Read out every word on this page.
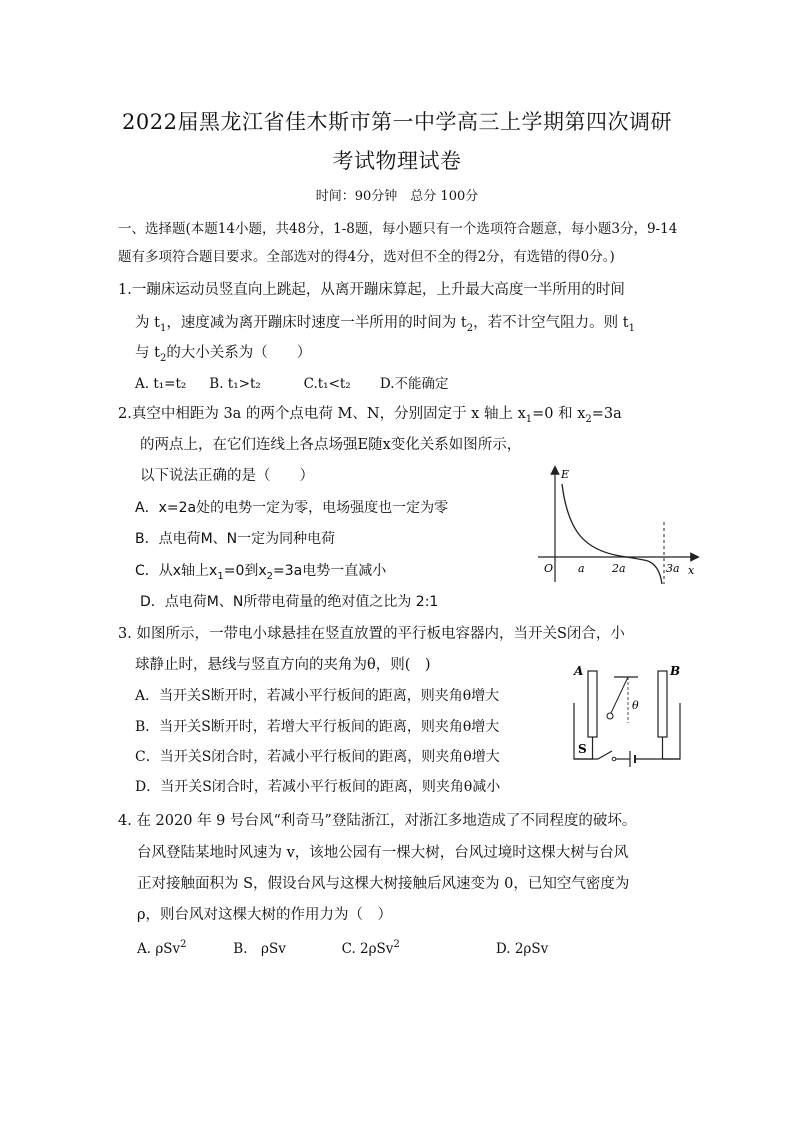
2022届黑龙江省佳木斯市第一中学高三上学期第四次调研
考试物理试卷
时间：90分钟　总分 100分
一、选择题(本题14小题，共48分，1-8题，每小题只有一个选项符合题意，每小题3分，9-14
题有多项符合题目要求。全部选对的得4分，选对但不全的得2分，有选错的得0分。)
1.一蹦床运动员竖直向上跳起，从离开蹦床算起，上升最大高度一半所用的时间
为 $t_1$，速度减为离开蹦床时速度一半所用的时间为 $t_2$，若不计空气阻力。则 $t_1$
与 $t_2$的大小关系为（　　）
A. t₁=t₂ B. t₁>t₂	C.t₁<t₂ D.不能确定
2.真空中相距为 3a 的两个点电荷 M、N，分别固定于 x 轴上 $x_1=0$ 和 $x_2=3a$
的两点上，在它们连线上各点场强E随x变化关系如图所示，
以下说法正确的是（　　）
A．x=2a处的电势一定为零，电场强度也一定为零
B．点电荷M、N一定为同种电荷
C．从x轴上$x_1=0$到$x_2=3a$电势一直减小
D．点电荷M、N所带电荷量的绝对值之比为 2:1
E
O a 2a	3a x
3. 如图所示，一带电小球悬挂在竖直放置的平行板电容器内，当开关S闭合，小
球静止时，悬线与竖直方向的夹角为θ，则(　)
A．当开关S断开时，若减小平行板间的距离，则夹角θ增大
B．当开关S断开时，若增大平行板间的距离，则夹角θ增大
C．当开关S闭合时，若减小平行板间的距离，则夹角θ增大
D．当开关S闭合时，若减小平行板间的距离，则夹角θ减小
A	B
θ
S
4. 在 2020 年 9 号台风“利奇马”登陆浙江，对浙江多地造成了不同程度的破坏。
台风登陆某地时风速为 v，该地公园有一棵大树，台风过境时这棵大树与台风
正对接触面积为 S，假设台风与这棵大树接触后风速变为 0，已知空气密度为
ρ，则台风对这棵大树的作用力为（　）
A. ρSv$^2$	B.　ρSv	C. 2ρSv$^2$	D. 2ρSv
